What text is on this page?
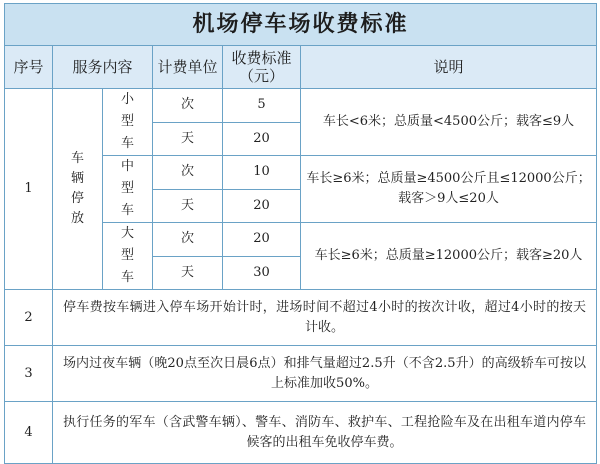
机场停车场收费标准					
序号	服务内容		计费单位	收费标准（元）	说明
1	车辆停放	小型车	次	5	车长<6米；总质量<4500公斤；载客≤9人
			天	20	

		中型车	次	10	车长≥6米；总质量≥4500公斤且≤12000公斤；载客＞9人≤20人
			天	20	

		大型车	次	20	车长≥6米；总质量≥12000公斤；载客≥20人
			天	30	
2	停车费按车辆进入停车场开始计时，进场时间不超过4小时的按次计收，超过4小时的按天计收。				
3	场内过夜车辆（晚20点至次日晨6点）和排气量超过2.5升（不含2.5升）的高级轿车可按以上标准加收50%。				
4	执行任务的军车（含武警车辆）、警车、消防车、救护车、工程抢险车及在出租车道内停车候客的出租车免收停车费。				
